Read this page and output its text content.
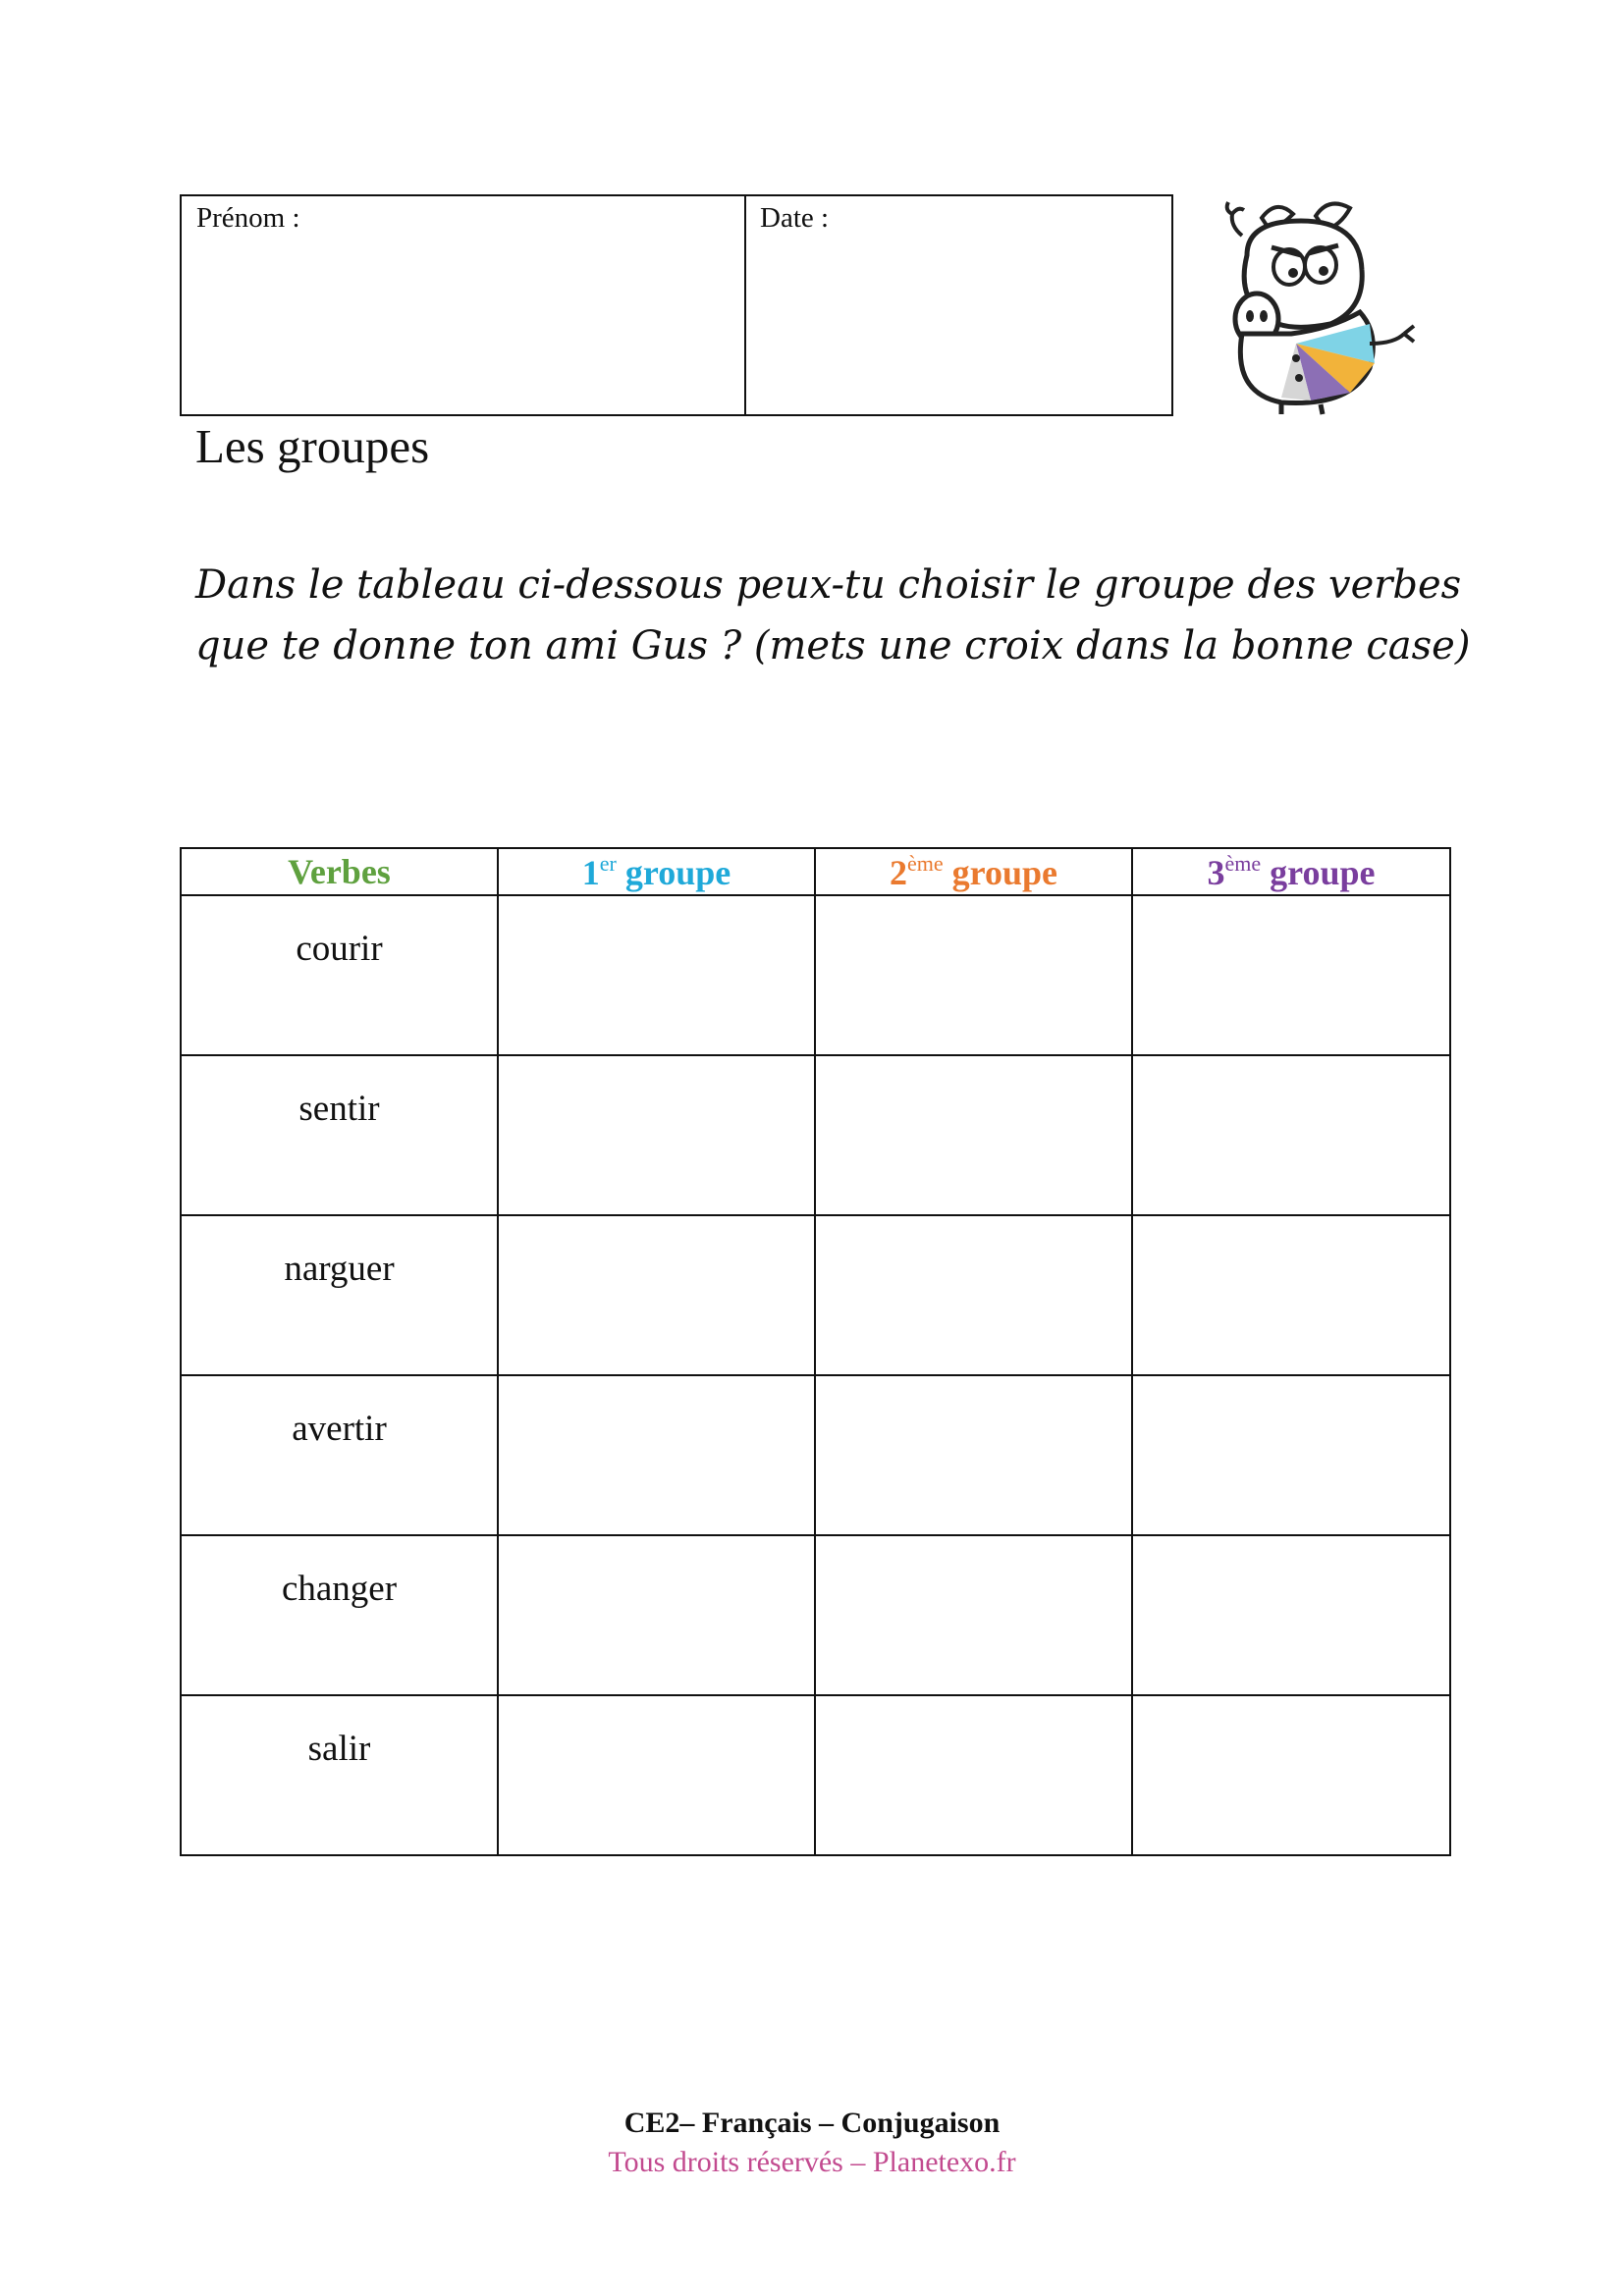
Prénom :	Date :
Les groupes

Dans le tableau ci-dessous peux-tu choisir le groupe des verbes que te donne ton ami Gus ? (mets une croix dans la bonne case)

Verbes	1er groupe	2ème groupe	3ème groupe
courir			
sentir			
narguer			
avertir			
changer			
salir			
CE2– Français – Conjugaison
Tous droits réservés – Planetexo.fr
